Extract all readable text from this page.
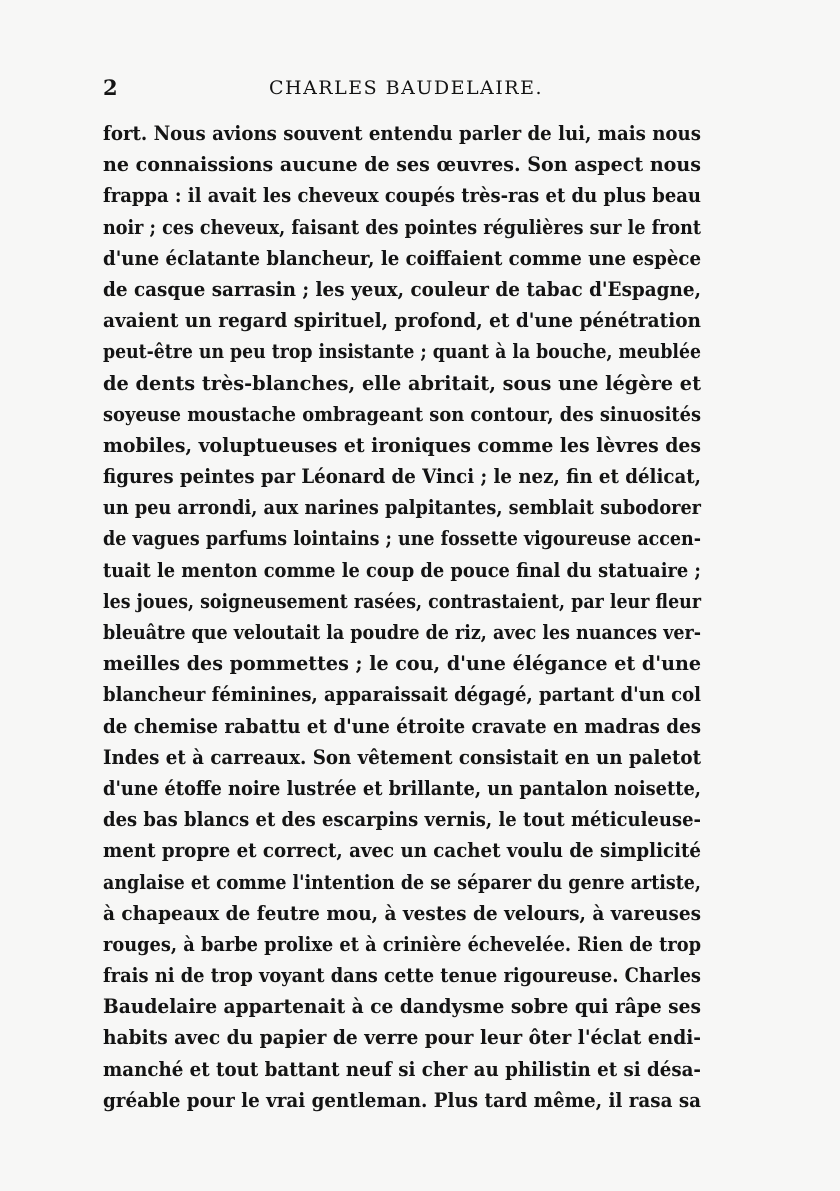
2	CHARLES BAUDELAIRE.
fort. Nous avions souvent entendu parler de lui, mais nous
ne connaissions aucune de ses œuvres. Son aspect nous
frappa : il avait les cheveux coupés très-ras et du plus beau
noir ; ces cheveux, faisant des pointes régulières sur le front
d'une éclatante blancheur, le coiffaient comme une espèce
de casque sarrasin ; les yeux, couleur de tabac d'Espagne,
avaient un regard spirituel, profond, et d'une pénétration
peut-être un peu trop insistante ; quant à la bouche, meublée
de dents très-blanches, elle abritait, sous une légère et
soyeuse moustache ombrageant son contour, des sinuosités
mobiles, voluptueuses et ironiques comme les lèvres des
figures peintes par Léonard de Vinci ; le nez, fin et délicat,
un peu arrondi, aux narines palpitantes, semblait subodorer
de vagues parfums lointains ; une fossette vigoureuse accen-
tuait le menton comme le coup de pouce final du statuaire ;
les joues, soigneusement rasées, contrastaient, par leur fleur
bleuâtre que veloutait la poudre de riz, avec les nuances ver-
meilles des pommettes ; le cou, d'une élégance et d'une
blancheur féminines, apparaissait dégagé, partant d'un col
de chemise rabattu et d'une étroite cravate en madras des
Indes et à carreaux. Son vêtement consistait en un paletot
d'une étoffe noire lustrée et brillante, un pantalon noisette,
des bas blancs et des escarpins vernis, le tout méticuleuse-
ment propre et correct, avec un cachet voulu de simplicité
anglaise et comme l'intention de se séparer du genre artiste,
à chapeaux de feutre mou, à vestes de velours, à vareuses
rouges, à barbe prolixe et à crinière échevelée. Rien de trop
frais ni de trop voyant dans cette tenue rigoureuse. Charles
Baudelaire appartenait à ce dandysme sobre qui râpe ses
habits avec du papier de verre pour leur ôter l'éclat endi-
manché et tout battant neuf si cher au philistin et si désa-
gréable pour le vrai gentleman. Plus tard même, il rasa sa
